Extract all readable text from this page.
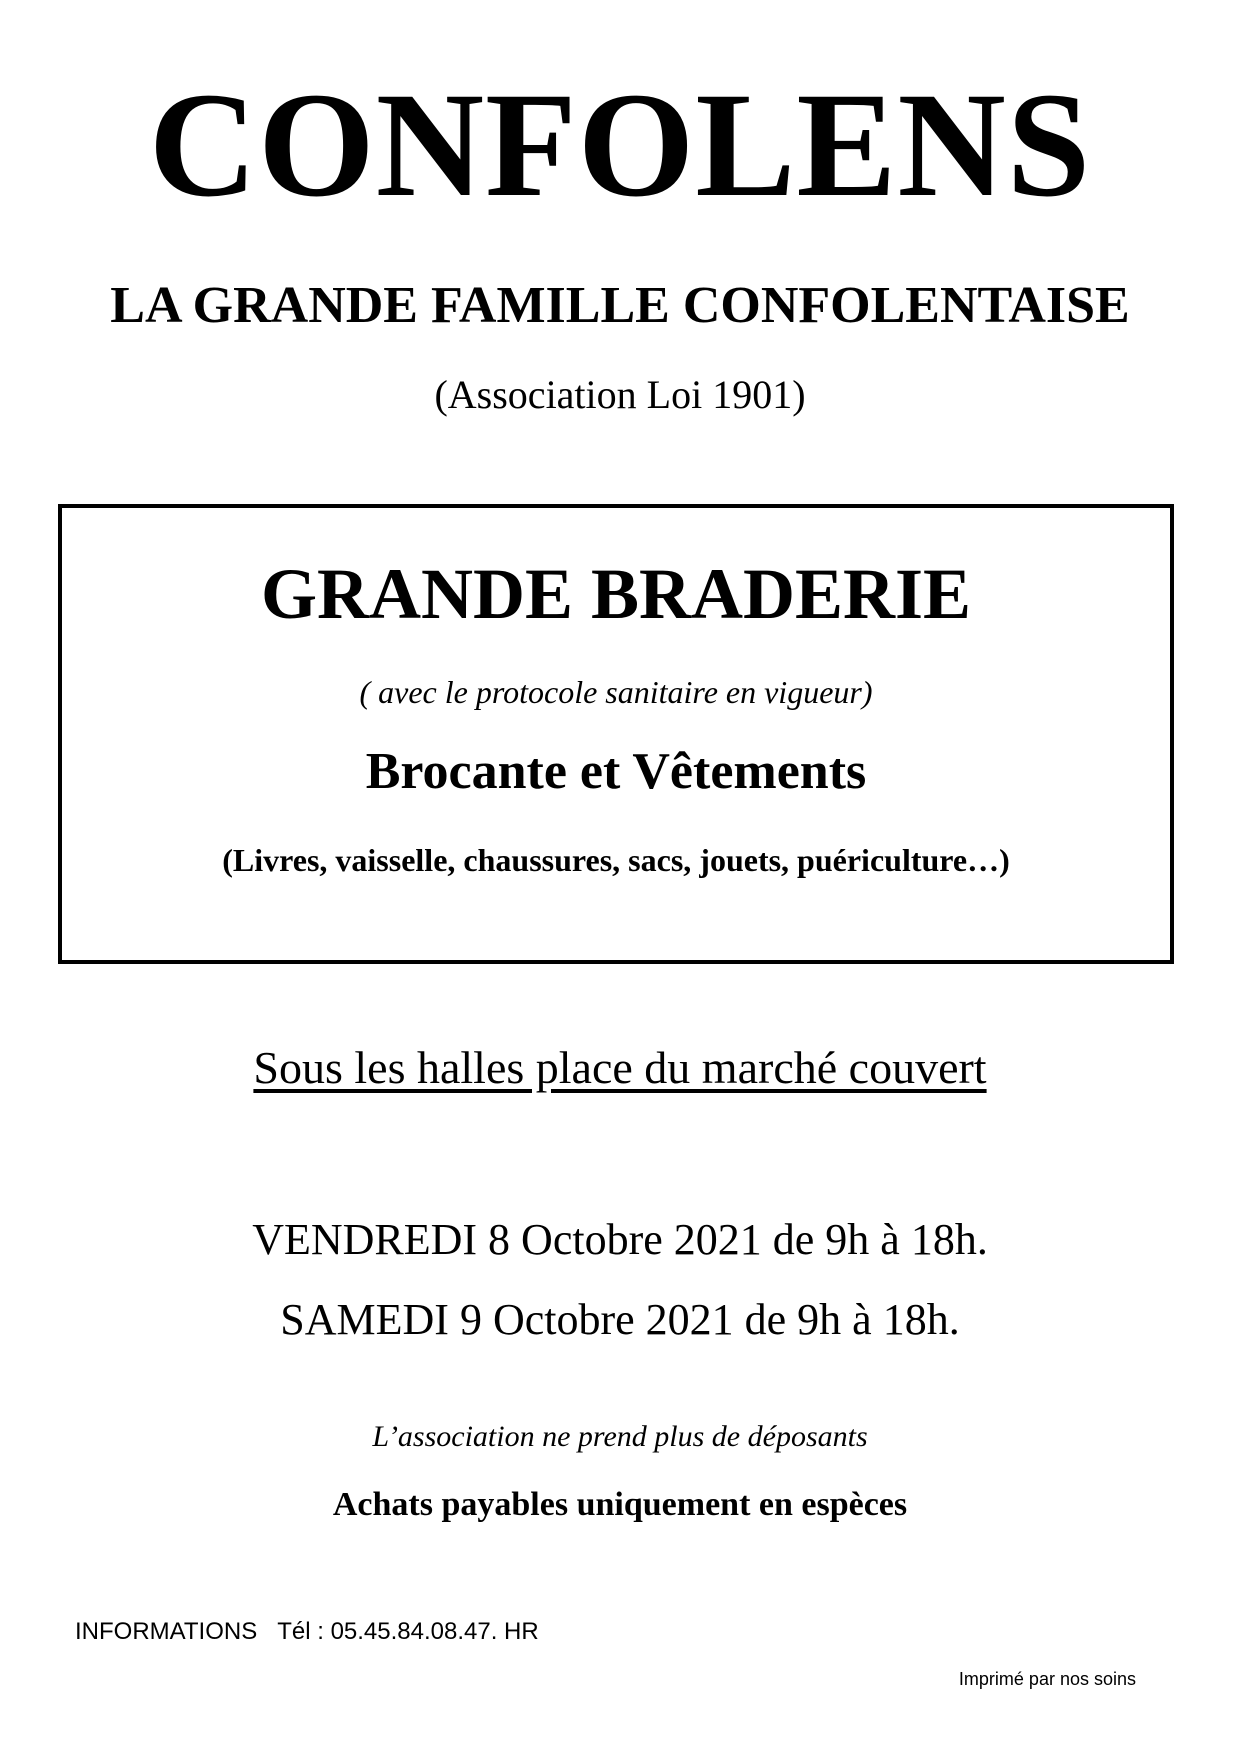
CONFOLENS
LA GRANDE FAMILLE CONFOLENTAISE
(Association Loi 1901)
GRANDE BRADERIE
( avec le protocole sanitaire en vigueur)
Brocante et Vêtements
(Livres, vaisselle, chaussures, sacs, jouets, puériculture…)
Sous les halles place du marché couvert
VENDREDI 8 Octobre 2021 de 9h à 18h.
SAMEDI 9 Octobre 2021 de 9h à 18h.
L’association ne prend plus de déposants
Achats payables uniquement en espèces
INFORMATIONS Tél : 05.45.84.08.47. HR
Imprimé par nos soins
